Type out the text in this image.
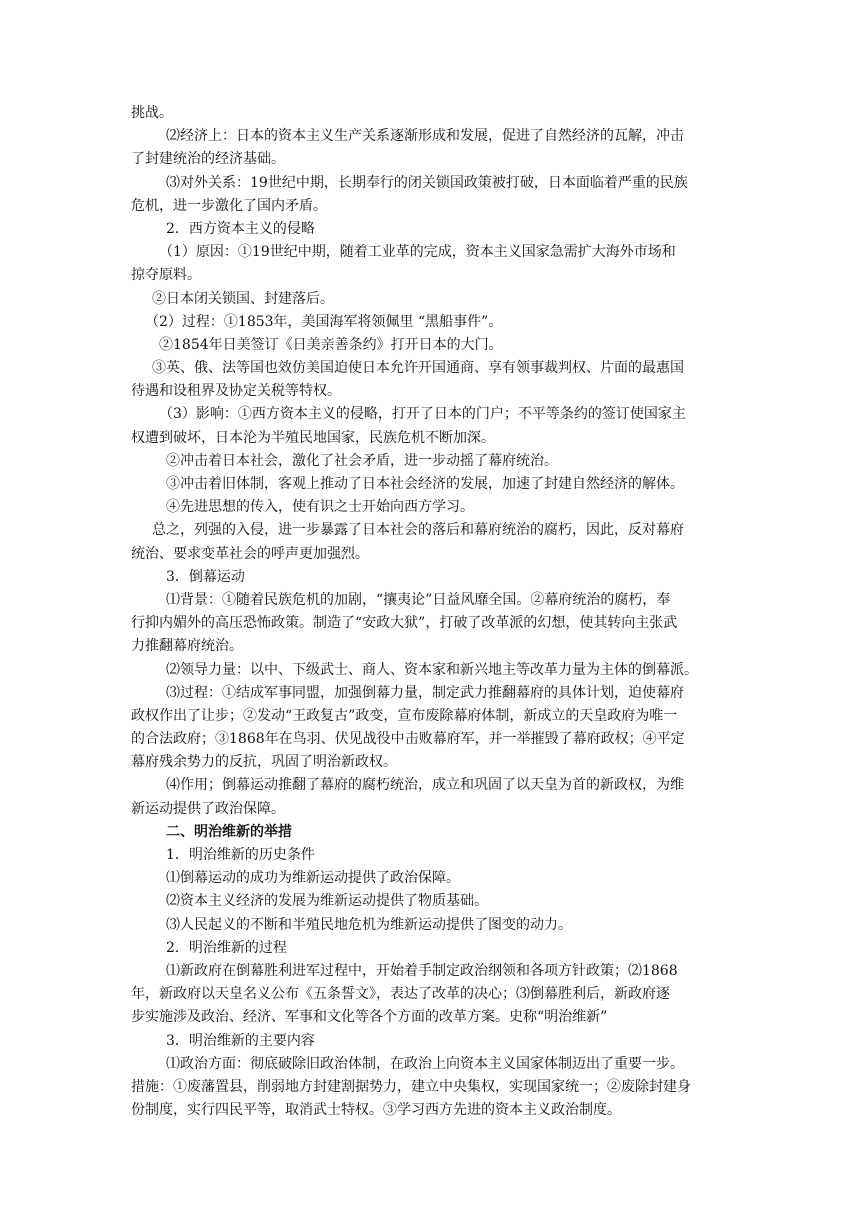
挑战。
⑵经济上：日本的资本主义生产关系逐渐形成和发展，促进了自然经济的瓦解，冲击
了封建统治的经济基础。
⑶对外关系：19世纪中期，长期奉行的闭关锁国政策被打破，日本面临着严重的民族
危机，进一步激化了国内矛盾。
2．西方资本主义的侵略
（1）原因：①19世纪中期，随着工业革的完成，资本主义国家急需扩大海外市场和
掠夺原料。
②日本闭关锁国、封建落后。
（2）过程：①1853年，美国海军将领佩里 “黑船事件”。
②1854年日美签订《日美亲善条约》打开日本的大门。
③英、俄、法等国也效仿美国迫使日本允许开国通商、享有领事裁判权、片面的最惠国
待遇和设租界及协定关税等特权。
（3）影响：①西方资本主义的侵略，打开了日本的门户；不平等条约的签订使国家主
权遭到破坏，日本沦为半殖民地国家，民族危机不断加深。
②冲击着日本社会，激化了社会矛盾，进一步动摇了幕府统治。
③冲击着旧体制，客观上推动了日本社会经济的发展，加速了封建自然经济的解体。
④先进思想的传入，使有识之士开始向西方学习。
总之，列强的入侵，进一步暴露了日本社会的落后和幕府统治的腐朽，因此，反对幕府
统治、要求变革社会的呼声更加强烈。
3．倒幕运动
⑴背景：①随着民族危机的加剧，“攘夷论”日益风靡全国。②幕府统治的腐朽，奉
行抑内媚外的高压恐怖政策。制造了“安政大狱”，打破了改革派的幻想，使其转向主张武
力推翻幕府统治。
⑵领导力量：以中、下级武士、商人、资本家和新兴地主等改革力量为主体的倒幕派。
⑶过程：①结成军事同盟，加强倒幕力量，制定武力推翻幕府的具体计划，迫使幕府
政权作出了让步；②发动“王政复古”政变，宣布废除幕府体制，新成立的天皇政府为唯一
的合法政府；③1868年在鸟羽、伏见战役中击败幕府军，并一举摧毁了幕府政权；④平定
幕府残余势力的反抗，巩固了明治新政权。
⑷作用；倒幕运动推翻了幕府的腐朽统治，成立和巩固了以天皇为首的新政权，为维
新运动提供了政治保障。
二、明治维新的举措
1．明治维新的历史条件
⑴倒幕运动的成功为维新运动提供了政治保障。
⑵资本主义经济的发展为维新运动提供了物质基础。
⑶人民起义的不断和半殖民地危机为维新运动提供了图变的动力。
2．明治维新的过程
⑴新政府在倒幕胜利进军过程中，开始着手制定政治纲领和各项方针政策；⑵1868
年，新政府以天皇名义公布《五条誓文》，表达了改革的决心；⑶倒幕胜利后，新政府逐
步实施涉及政治、经济、军事和文化等各个方面的改革方案。史称“明治维新”
3．明治维新的主要内容
⑴政治方面：彻底破除旧政治体制，在政治上向资本主义国家体制迈出了重要一步。
措施：①废藩置县，削弱地方封建割据势力，建立中央集权，实现国家统一；②废除封建身
份制度，实行四民平等，取消武士特权。③学习西方先进的资本主义政治制度。
